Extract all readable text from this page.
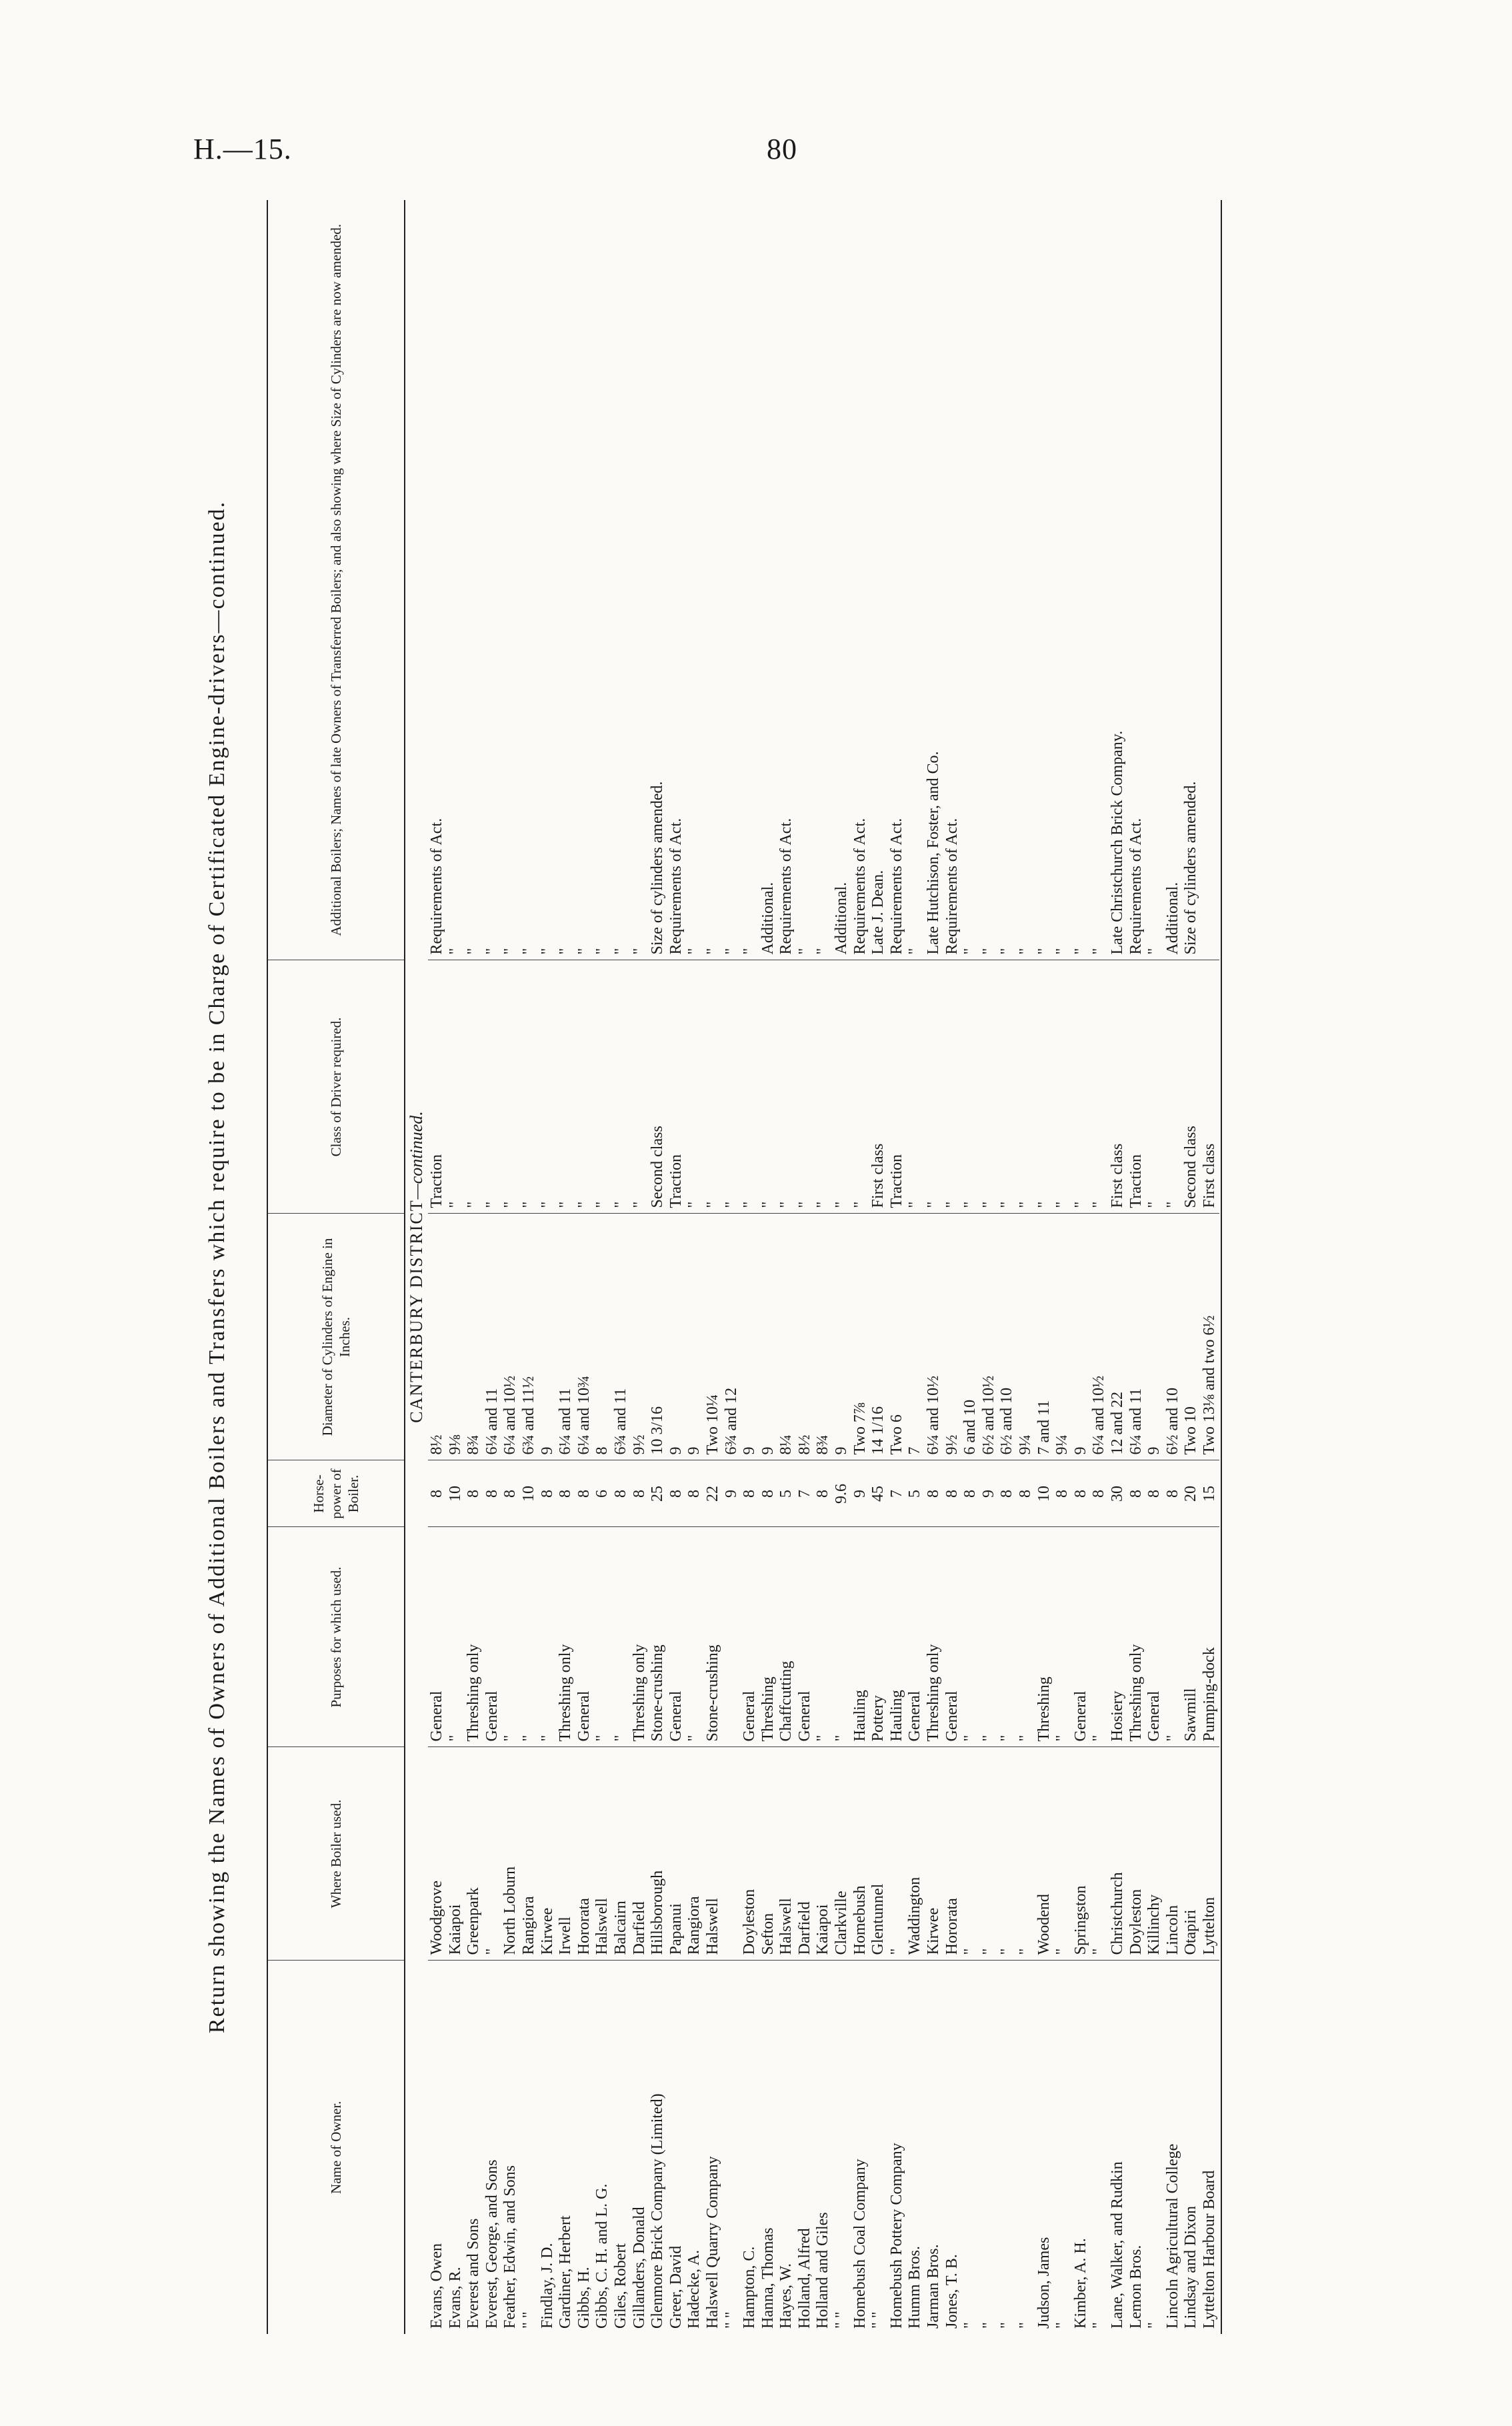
H.—15.	80
Return showing the Names of Owners of Additional Boilers and Transfers which require to be in Charge of Certificated Engine-drivers—continued.
Name of Owner.	Where Boiler used.	Purposes for which used.	Horse-power of Boiler.	Diameter of Cylinders of Engine in Inches.	Class of Driver required.	Additional Boilers; Names of late Owners of Transferred Boilers; and also showing where Size of Cylinders are now amended.
CANTERBURY DISTRICT—continued.						
Evans, Owen	Woodgrove	General	8	8½	Traction	Requirements of Act.
Evans, R.	Kaiapoi	"	10	9⅛	"	"
Everest and Sons	Greenpark	Threshing only	8	8¾	"	"
Everest, George, and Sons	"	General	8	6¼ and 11	"	"
Feather, Edwin, and Sons	North Loburn	"	8	6¼ and 10½	"	"
" "	Rangiora	"	10	6¾ and 11½	"	"
Findlay, J. D.	Kirwee	"	8	9	"	"
Gardiner, Herbert	Irwell	Threshing only	8	6¼ and 11	"	"
Gibbs, H.	Hororata	General	8	6¼ and 10¾	"	"
Gibbs, C. H. and L. G.	Halswell	"	6	8	"	"
Giles, Robert	Balcairn	"	8	6¾ and 11	"	"
Gillanders, Donald	Darfield	Threshing only	8	9½	"	"
Glenmore Brick Company (Limited)	Hillsborough	Stone-crushing	25	10 3/16	Second class	Size of cylinders amended.
Greer, David	Papanui	General	8	9	Traction	Requirements of Act.
Hadecke, A.	Rangiora	"	8	9	"	"
Halswell Quarry Company	Halswell	Stone-crushing	22	Two 10¼	"	"
" "			9	6¾ and 12	"	"
Hampton, C.	Doyleston	General	8	9	"	"
Hanna, Thomas	Sefton	Threshing	8	9	"	Additional.
Hayes, W.	Halswell	Chaffcutting	5	8¼	"	Requirements of Act.
Holland, Alfred	Darfield	General	7	8½	"	"
Holland and Giles	Kaiapoi	"	8	8¾	"	"
" "	Clarkville	"	9.6	9	"	Additional.
Homebush Coal Company	Homebush	Hauling	9	Two 7⅞	"	Requirements of Act.
" "	Glentunnel	Pottery	45	14 1/16	First class	Late J. Dean.
Homebush Pottery Company	"	Hauling	7	Two 6	Traction	Requirements of Act.
Humm Bros.	Waddington	General	5	7	"	"
Jarman Bros.	Kirwee	Threshing only	8	6¼ and 10½	"	Late Hutchison, Foster, and Co.
Jones, T. B.	Hororata	General	8	9½	"	Requirements of Act.
"	"	"	8	6 and 10	"	"
"	"	"	9	6½ and 10½	"	"
"	"	"	8	6½ and 10	"	"
"	"	"	8	9¼	"	"
Judson, James	Woodend	Threshing	10	7 and 11	"	"
"	"	"	8	9¼	"	"
Kimber, A. H.	Springston	General	8	9	"	"
"	"	"	8	6¼ and 10½	"	"
Lane, Walker, and Rudkin	Christchurch	Hosiery	30	12 and 22	First class	Late Christchurch Brick Company.
Lemon Bros.	Doyleston	Threshing only	8	6¼ and 11	Traction	Requirements of Act.
"	Killinchy	General	8	9	"	"
Lincoln Agricultural College	Lincoln	"	8	6½ and 10	"	Additional.
Lindsay and Dixon	Otapiri	Sawmill	20	Two 10	Second class	Size of cylinders amended.
Lyttelton Harbour Board	Lyttelton	Pumping-dock	15	Two 13⅛ and two 6½	First class	
